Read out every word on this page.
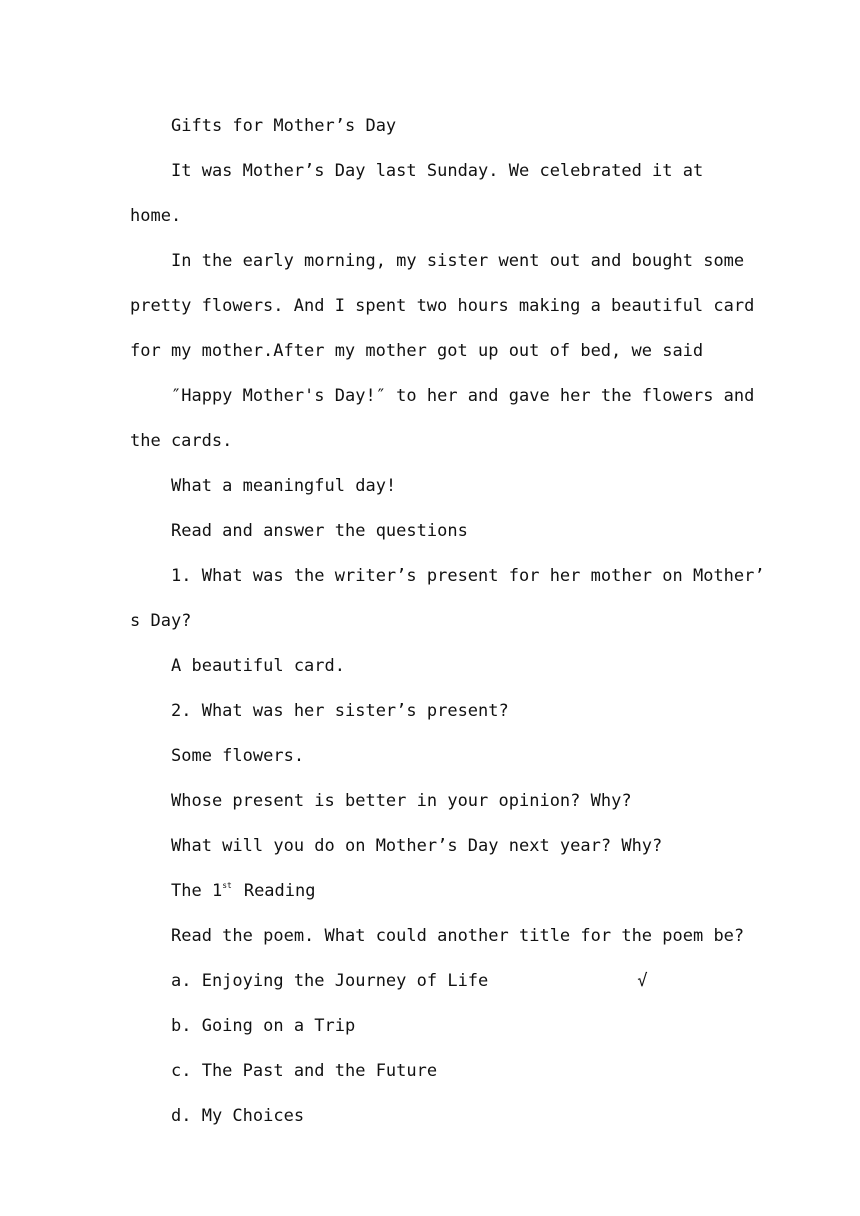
Gifts for Mother’s Day

It was Mother’s Day last Sunday. We celebrated it at home.

In the early morning, my sister went out and bought some

pretty flowers. And I spent two hours making a beautiful card

for my mother.After my mother got up out of bed, we said

″Happy Mother's Day!″ to her and gave her the flowers and

the cards.

What a meaningful day!

Read and answer the questions

1. What was the writer’s present for her mother on Mother’

s Day?

A beautiful card.

2. What was her sister’s present?

Some flowers.

Whose present is better in your opinion? Why?

What will you do on Mother’s Day next year? Why?

The 1st Reading

Read the poem. What could another title for the poem be?

a. Enjoying the Journey of Life	√

b. Going on a Trip

c. The Past and the Future

d. My Choices
